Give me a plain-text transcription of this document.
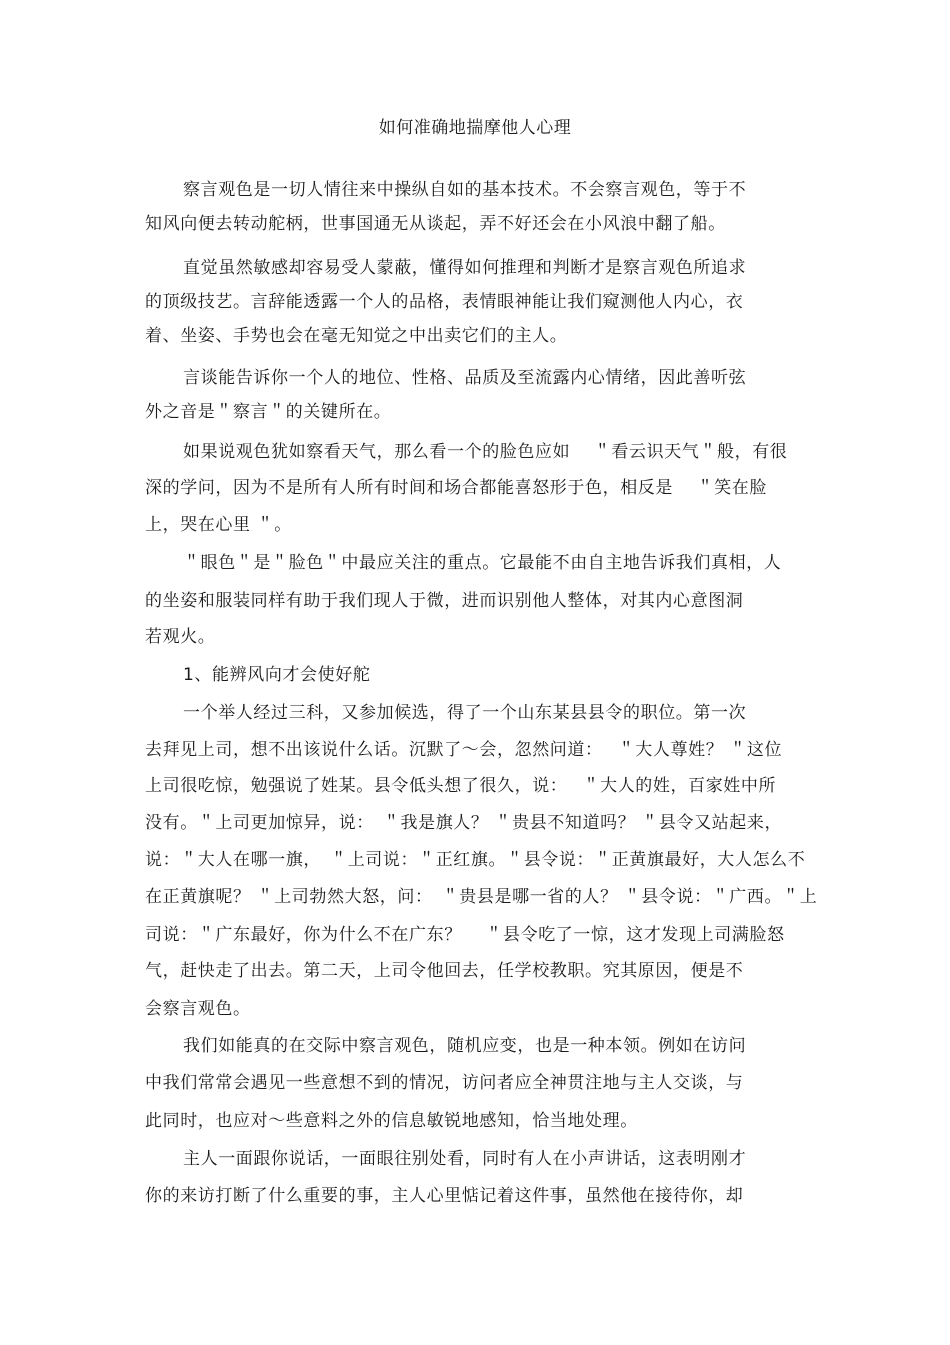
如何准确地揣摩他人心理
察言观色是一切人情往来中操纵自如的基本技术。不会察言观色，等于不
知风向便去转动舵柄，世事国通无从谈起，弄不好还会在小风浪中翻了船。
直觉虽然敏感却容易受人蒙蔽，懂得如何推理和判断才是察言观色所追求
的顶级技艺。言辞能透露一个人的品格，表情眼神能让我们窥测他人内心，衣
着、坐姿、手势也会在毫无知觉之中出卖它们的主人。
言谈能告诉你一个人的地位、性格、品质及至流露内心情绪，因此善听弦
外之音是＂察言＂的关键所在。
如果说观色犹如察看天气，那么看一个的脸色应如　 ＂看云识天气＂般，有很
深的学问，因为不是所有人所有时间和场合都能喜怒形于色，相反是　 ＂笑在脸
上，哭在心里 ＂。
＂眼色＂是＂脸色＂中最应关注的重点。它最能不由自主地告诉我们真相，人
的坐姿和服装同样有助于我们现人于微，进而识别他人整体，对其内心意图洞
若观火。
1、能辨风向才会使好舵
一个举人经过三科，又参加候选，得了一个山东某县县令的职位。第一次
去拜见上司，想不出该说什么话。沉默了～会，忽然问道：　 ＂大人尊姓？ ＂这位
上司很吃惊，勉强说了姓某。县令低头想了很久，说：　 ＂大人的姓，百家姓中所
没有。＂上司更加惊异，说：　＂我是旗人？ ＂贵县不知道吗？ ＂县令又站起来，
说：＂大人在哪一旗，　＂上司说：＂正红旗。＂县令说：＂正黄旗最好，大人怎么不
在正黄旗呢？ ＂上司勃然大怒，问：　＂贵县是哪一省的人？ ＂县令说：＂广西。＂上
司说：＂广东最好，你为什么不在广东？　 ＂县令吃了一惊，这才发现上司满脸怒
气，赶快走了出去。第二天，上司令他回去，任学校教职。究其原因，便是不
会察言观色。
我们如能真的在交际中察言观色，随机应变，也是一种本领。例如在访问
中我们常常会遇见一些意想不到的情况，访问者应全神贯注地与主人交谈，与
此同时，也应对～些意料之外的信息敏锐地感知，恰当地处理。
主人一面跟你说话，一面眼往别处看，同时有人在小声讲话，这表明刚才
你的来访打断了什么重要的事，主人心里惦记着这件事，虽然他在接待你，却
